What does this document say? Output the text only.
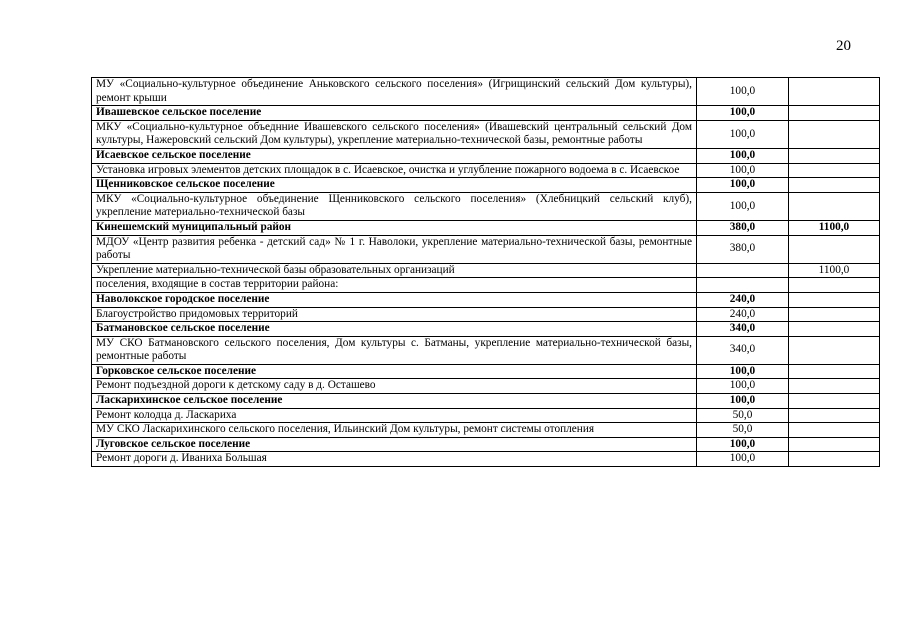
20
МУ «Социально-культурное объединение Аньковского сельского поселения» (Игрищинский сельский Дом культуры), ремонт крыши	100,0	
Ивашевское сельское поселение	100,0	
МКУ «Социально-культурное объеднние Ивашевского сельского поселения» (Ивашевский центральный сельский Дом культуры, Нажеровский сельский Дом культуры), укрепление материально-технической базы, ремонтные работы	100,0	
Исаевское сельское поселение	100,0	
Установка игровых элементов детских площадок в с. Исаевское, очистка и углубление пожарного водоема в с. Исаевское	100,0	
Щенниковское сельское поселение	100,0	
МКУ «Социально-культурное объединение Щенниковского сельского поселения» (Хлебницкий сельский клуб), укрепление материально-технической базы	100,0	
Кинешемский муниципальный район	380,0	1100,0
МДОУ «Центр развития ребенка - детский сад» № 1 г. Наволоки, укрепление материально-технической базы, ремонтные работы	380,0	
Укрепление материально-технической базы образовательных организаций		1100,0
поселения, входящие в состав территории района:		
Наволокское городское поселение	240,0	
Благоустройство придомовых территорий	240,0	
Батмановское сельское поселение	340,0	
МУ СКО Батмановского сельского поселения, Дом культуры с. Батманы, укрепление материально-технической базы, ремонтные работы	340,0	
Горковское сельское поселение	100,0	
Ремонт подъездной дороги к детскому саду в д. Осташево	100,0	
Ласкарихинское сельское поселение	100,0	
Ремонт колодца д. Ласкариха	50,0	
МУ СКО Ласкарихинского сельского поселения, Ильинский Дом культуры, ремонт системы отопления	50,0	
Луговское сельское поселение	100,0	
Ремонт дороги д. Иваниха Большая	100,0	
